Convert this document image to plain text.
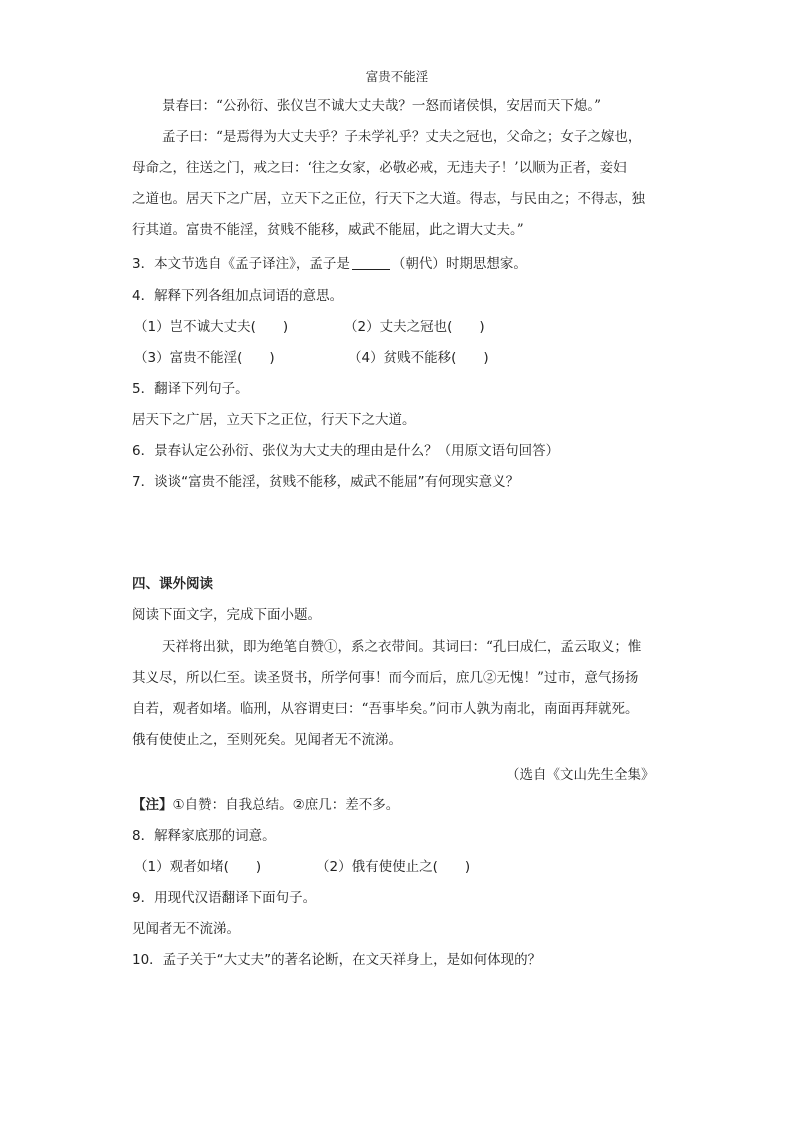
富贵不能淫
景春曰：“公孙衍、张仪岂不诚大丈夫哉？一怒而诸侯惧，安居而天下熄。”
孟子曰：“是焉得为大丈夫乎？子未学礼乎？丈夫之冠也，父命之；女子之嫁也，
母命之，往送之门，戒之曰：‘往之女家，必敬必戒，无违夫子！’以顺为正者，妾妇
之道也。居天下之广居，立天下之正位，行天下之大道。得志，与民由之；不得志，独
行其道。富贵不能淫，贫贱不能移，威武不能屈，此之谓大丈夫。”
3．本文节选自《孟子译注》，孟子是	（朝代）时期思想家。
4．解释下列各组加点词语的意思。
（1）岂不诚大丈夫(　　)	（2）丈夫之冠也(　　)
（3）富贵不能淫(　　)	（4）贫贱不能移(　　)
5．翻译下列句子。
居天下之广居，立天下之正位，行天下之大道。
6．景春认定公孙衍、张仪为大丈夫的理由是什么？（用原文语句回答）
7．谈谈“富贵不能淫，贫贱不能移，威武不能屈”有何现实意义？
四、课外阅读
阅读下面文字，完成下面小题。
天祥将出狱，即为绝笔自赞①，系之衣带间。其词曰：“孔曰成仁，孟云取义；惟
其义尽，所以仁至。读圣贤书，所学何事！而今而后，庶几②无愧！”过市，意气扬扬
自若，观者如堵。临刑，从容谓吏曰：“吾事毕矣。”问市人孰为南北，南面再拜就死。
俄有使使止之，至则死矣。见闻者无不流涕。
（选自《文山先生全集》
【注】①自赞：自我总结。②庶几：差不多。
8．解释家底那的词意。
（1）观者如堵(　　)	（2）俄有使使止之(　　)
9．用现代汉语翻译下面句子。
见闻者无不流涕。
10．孟子关于“大丈夫”的著名论断，在文天祥身上，是如何体现的？
